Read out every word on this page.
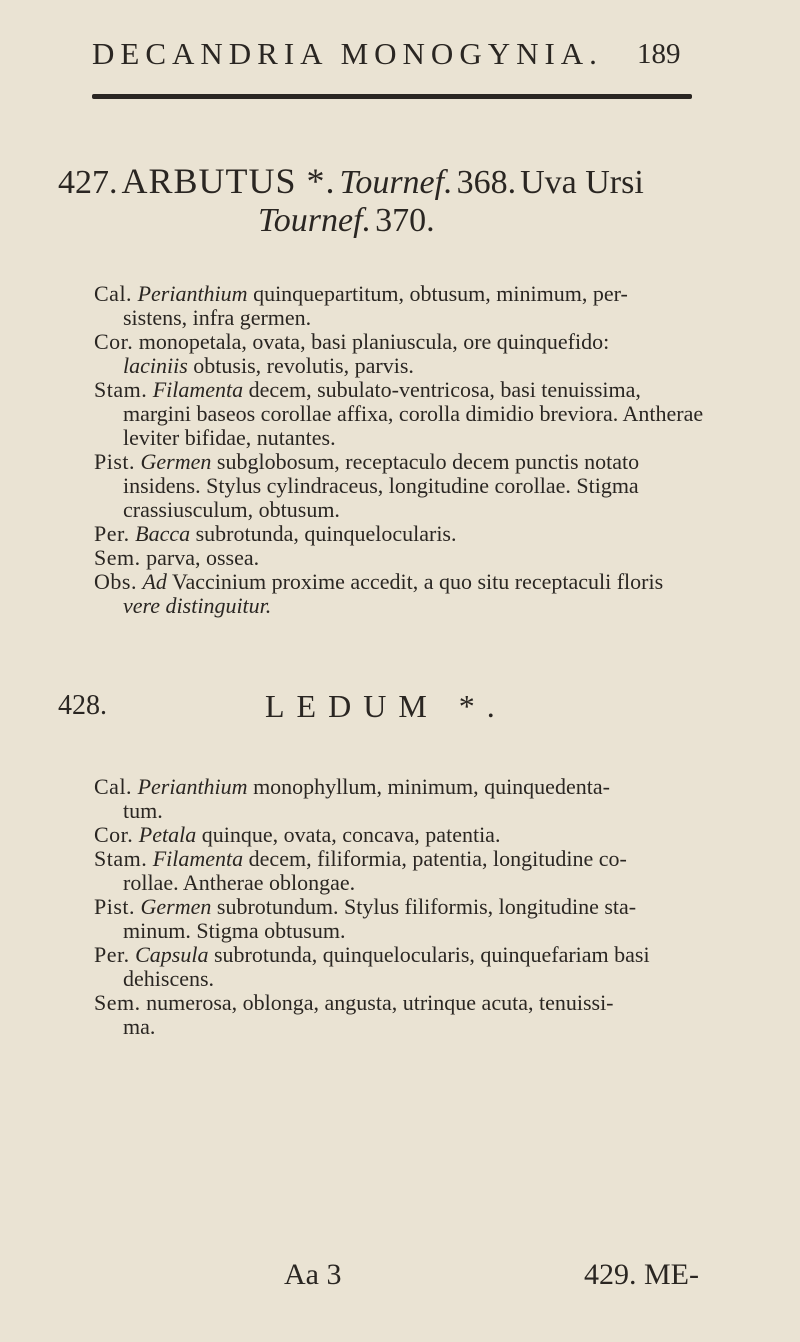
DECANDRIA MONOGYNIA. 189
427. ARBUTUS *. Tournef. 368. Uva Ursi
Tournef. 370.
Cal. Perianthium quinquepartitum, obtusum, minimum, per-
sistens, infra germen.
Cor. monopetala, ovata, basi planiuscula, ore quinquefido:
laciniis obtusis, revolutis, parvis.
Stam. Filamenta decem, subulato-ventricosa, basi tenuissima,
margini baseos corollae affixa, corolla dimidio breviora. Antherae
leviter bifidae, nutantes.
Pist. Germen subglobosum, receptaculo decem punctis notato
insidens. Stylus cylindraceus, longitudine corollae. Stigma
crassiusculum, obtusum.
Per. Bacca subrotunda, quinquelocularis.
Sem. parva, ossea.
Obs. Ad Vaccinium proxime accedit, a quo situ receptaculi floris
vere distinguitur.
428.	LEDUM *.
Cal. Perianthium monophyllum, minimum, quinquedenta-
tum.
Cor. Petala quinque, ovata, concava, patentia.
Stam. Filamenta decem, filiformia, patentia, longitudine co-
rollae. Antherae oblongae.
Pist. Germen subrotundum. Stylus filiformis, longitudine sta-
minum. Stigma obtusum.
Per. Capsula subrotunda, quinquelocularis, quinquefariam basi
dehiscens.
Sem. numerosa, oblonga, angusta, utrinque acuta, tenuissi-
ma.
Aa 3	429. ME-
